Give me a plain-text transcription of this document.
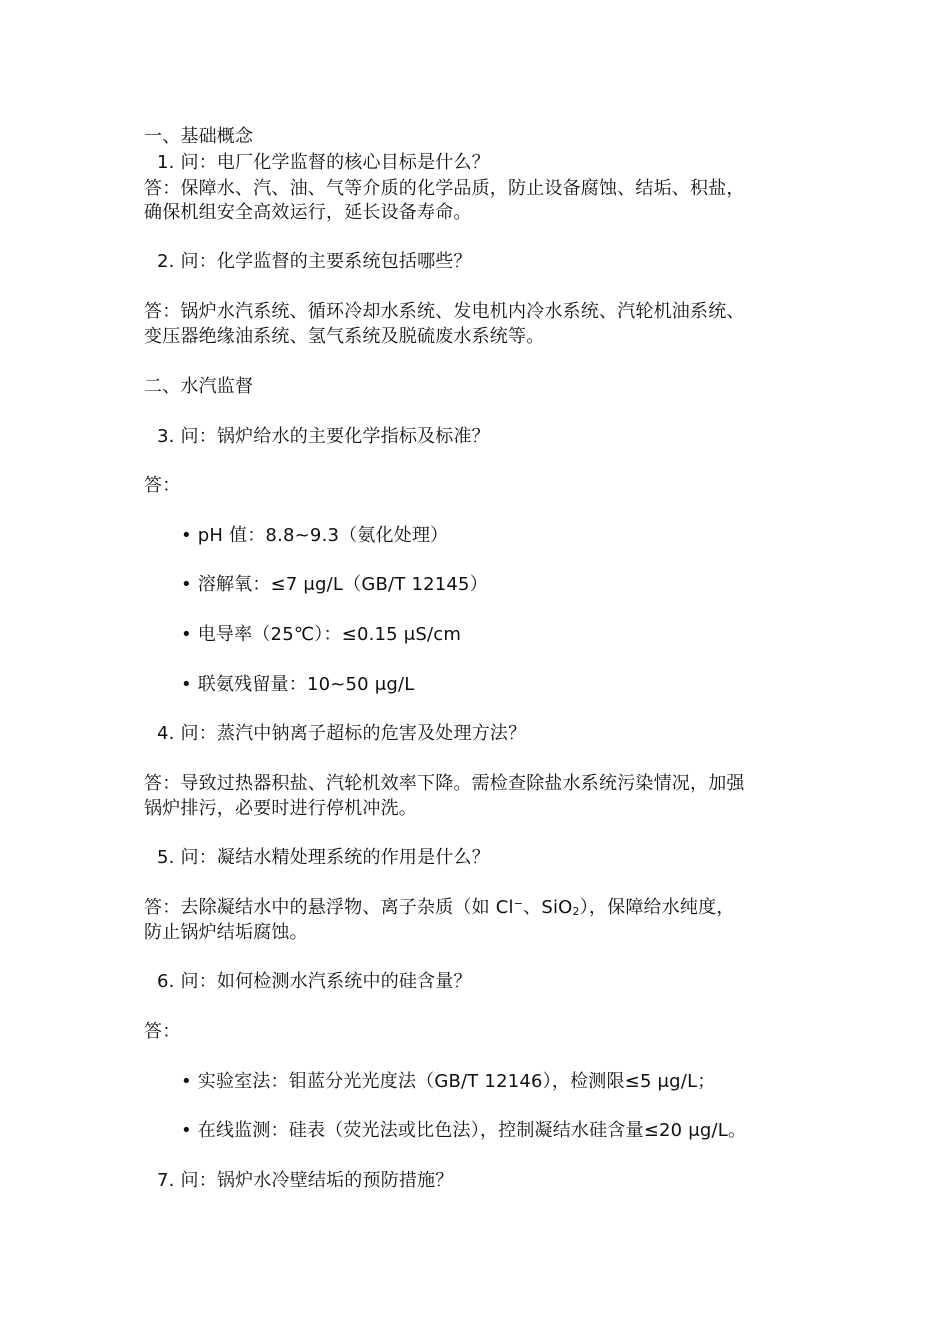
一、基础概念
1. 问：电厂化学监督的核心目标是什么？
答：保障水、汽、油、气等介质的化学品质，防止设备腐蚀、结垢、积盐，
确保机组安全高效运行，延长设备寿命。
2. 问：化学监督的主要系统包括哪些？
答：锅炉水汽系统、循环冷却水系统、发电机内冷水系统、汽轮机油系统、
变压器绝缘油系统、氢气系统及脱硫废水系统等。
二、水汽监督
3. 问：锅炉给水的主要化学指标及标准？
答：
• pH 值：8.8~9.3（氨化处理）
• 溶解氧：≤7 μg/L（GB/T 12145）
• 电导率（25℃）：≤0.15 μS/cm
• 联氨残留量：10~50 μg/L
4. 问：蒸汽中钠离子超标的危害及处理方法？
答：导致过热器积盐、汽轮机效率下降。需检查除盐水系统污染情况，加强
锅炉排污，必要时进行停机冲洗。
5. 问：凝结水精处理系统的作用是什么？
答：去除凝结水中的悬浮物、离子杂质（如 Cl−、SiO$_2$），保障给水纯度，
防止锅炉结垢腐蚀。
6. 问：如何检测水汽系统中的硅含量？
答：
• 实验室法：钼蓝分光光度法（GB/T 12146），检测限≤5 μg/L；
• 在线监测：硅表（荧光法或比色法），控制凝结水硅含量≤20 μg/L。
7. 问：锅炉水冷壁结垢的预防措施？
